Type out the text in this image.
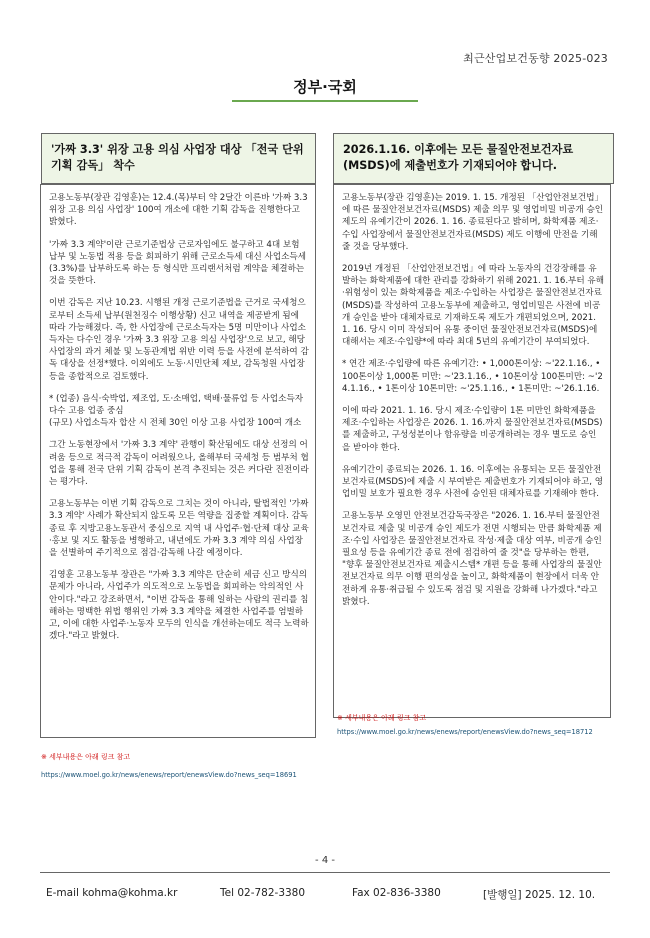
최근산업보건동향 2025-023
정부·국회
'가짜 3.3' 위장 고용 의심 사업장 대상 「전국 단위 기획 감독」 착수
2026.1.16. 이후에는 모든 물질안전보건자료(MSDS)에 제출번호가 기재되어야 합니다.

고용노동부(장관 김영훈)는 12.4.(목)부터 약 2달간 이른바 '가짜 3.3 위장 고용 의심 사업장' 100여 개소에 대한 기획 감독을 진행한다고 밝혔다.

'가짜 3.3 계약'이란 근로기준법상 근로자임에도 불구하고 4대 보험 납부 및 노동법 적용 등을 회피하기 위해 근로소득세 대신 사업소득세(3.3%)를 납부하도록 하는 등 형식만 프리랜서처럼 계약을 체결하는 것을 뜻한다.

이번 감독은 지난 10.23. 시행된 개정 근로기준법을 근거로 국세청으로부터 소득세 납부(원천징수 이행상황) 신고 내역을 제공받게 됨에 따라 가능해졌다. 즉, 한 사업장에 근로소득자는 5명 미만이나 사업소득자는 다수인 경우 '가짜 3.3 위장 고용 의심 사업장'으로 보고, 해당 사업장의 과거 체불 및 노동관계법 위반 이력 등을 사전에 분석하여 감독 대상을 선정*했다. 이외에도 노동·시민단체 제보, 감독청원 사업장 등을 종합적으로 검토했다.

* (업종) 음식·숙박업, 제조업, 도·소매업, 택배·물류업 등 사업소득자 다수 고용 업종 중심
(규모) 사업소득자 합산 시 전체 30인 이상 고용 사업장 100여 개소

그간 노동현장에서 '가짜 3.3 계약' 관행이 확산됨에도 대상 선정의 어려움 등으로 적극적 감독이 어려웠으나, 올해부터 국세청 등 범부처 협업을 통해 전국 단위 기획 감독이 본격 추진되는 것은 커다란 진전이라는 평가다.

고용노동부는 이번 기획 감독으로 그치는 것이 아니라, 탈법적인 '가짜3.3 계약' 사례가 확산되지 않도록 모든 역량을 집중할 계획이다. 감독 종료 후 지방고용노동관서 중심으로 지역 내 사업주·협·단체 대상 교육·홍보 및 지도 활동을 병행하고, 내년에도 가짜 3.3 계약 의심 사업장을 선별하여 주기적으로 점검·감독해 나갈 예정이다.

김영훈 고용노동부 장관은 "가짜 3.3 계약은 단순히 세금 신고 방식의 문제가 아니라, 사업주가 의도적으로 노동법을 회피하는 악의적인 사안이다."라고 강조하면서, "이번 감독을 통해 일하는 사람의 권리를 침해하는 명백한 위법 행위인 가짜 3.3 계약을 체결한 사업주를 엄벌하고, 이에 대한 사업주·노동자 모두의 인식을 개선하는데도 적극 노력하겠다."라고 밝혔다.

고용노동부(장관 김영훈)는 2019. 1. 15. 개정된 「산업안전보건법」에 따른 물질안전보건자료(MSDS) 제출 의무 및 영업비밀 비공개 승인 제도의 유예기간이 2026. 1. 16. 종료된다고 밝히며, 화학제품 제조·수입 사업장에서 물질안전보건자료(MSDS) 제도 이행에 만전을 기해 줄 것을 당부했다.

2019년 개정된 「산업안전보건법」에 따라 노동자의 건강장해를 유발하는 화학제품에 대한 관리를 강화하기 위해 2021. 1. 16.부터 유해·위험성이 있는 화학제품을 제조·수입하는 사업장은 물질안전보건자료(MSDS)를 작성하여 고용노동부에 제출하고, 영업비밀은 사전에 비공개 승인을 받아 대체자료로 기재하도록 제도가 개편되었으며, 2021. 1. 16. 당시 이미 작성되어 유통 중이던 물질안전보건자료(MSDS)에 대해서는 제조·수입량*에 따라 최대 5년의 유예기간이 부여되었다.

* 연간 제조·수입량에 따른 유예기간: • 1,000톤이상: ~'22.1.16., • 100톤이상 1,000톤 미만: ~'23.1.16., • 10톤이상 100톤미만: ~'24.1.16., • 1톤이상 10톤미만: ~'25.1.16., • 1톤미만: ~'26.1.16.

이에 따라 2021. 1. 16. 당시 제조·수입량이 1톤 미만인 화학제품을 제조·수입하는 사업장은 2026. 1. 16.까지 물질안전보건자료(MSDS)를 제출하고, 구성성분이나 함유량을 비공개하려는 경우 별도로 승인을 받아야 한다.

유예기간이 종료되는 2026. 1. 16. 이후에는 유통되는 모든 물질안전보건자료(MSDS)에 제출 시 부여받은 제출번호가 기재되어야 하고, 영업비밀 보호가 필요한 경우 사전에 승인된 대체자료를 기재해야 한다.

고용노동부 오영민 안전보건감독국장은 "2026. 1. 16.부터 물질안전보건자료 제출 및 비공개 승인 제도가 전면 시행되는 만큼 화학제품 제조·수입 사업장은 물질안전보건자료 작성·제출 대상 여부, 비공개 승인 필요성 등을 유예기간 종료 전에 점검하여 줄 것"을 당부하는 한편, "향후 물질안전보건자료 제출시스템* 개편 등을 통해 사업장의 물질안전보건자료 의무 이행 편의성을 높이고, 화학제품이 현장에서 더욱 안전하게 유통·취급될 수 있도록 점검 및 지원을 강화해 나가겠다."라고 밝혔다.

※ 세부내용은 아래 링크 참고
https://www.moel.go.kr/news/enews/report/enewsView.do?news_seq=18691
※ 세부내용은 아래 링크 참고
https://www.moel.go.kr/news/enews/report/enewsView.do?news_seq=18712
- 4 -
E-mail kohma@kohma.kr	Tel 02-782-3380	Fax 02-836-3380	[발행일] 2025. 12. 10.
